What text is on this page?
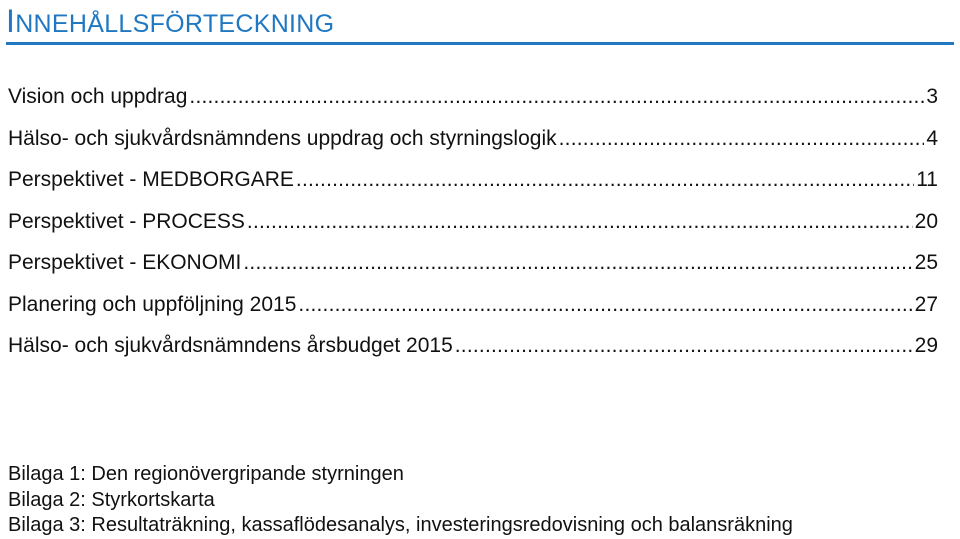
INNEHÅLLSFÖRTECKNING
Vision och uppdrag .....	3
Hälso- och sjukvårdsnämndens uppdrag och styrningslogik .....	4
Perspektivet - MEDBORGARE .....	11
Perspektivet - PROCESS .....	20
Perspektivet - EKONOMI .....	25
Planering och uppföljning 2015 .....	27
Hälso- och sjukvårdsnämndens årsbudget 2015 .....	29
Bilaga 1: Den regionövergripande styrningen
Bilaga 2: Styrkortskarta
Bilaga 3: Resultaträkning, kassaflödesanalys, investeringsredovisning och balansräkning
